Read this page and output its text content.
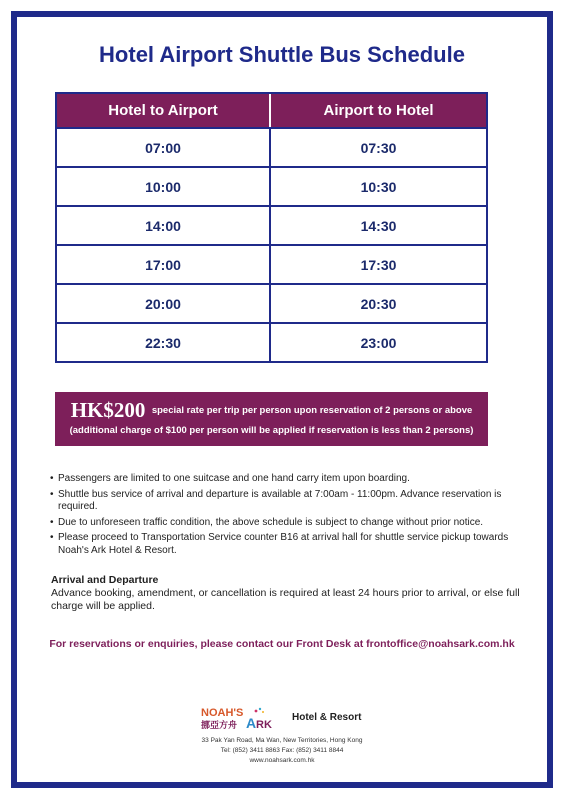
Hotel Airport Shuttle Bus Schedule
Hotel to Airport	Airport to Hotel
07:00	07:30
10:00	10:30
14:00	14:30
17:00	17:30
20:00	20:30
22:30	23:00
HK$200 special rate per trip per person upon reservation of 2 persons or above
(additional charge of $100 per person will be applied if reservation is less than 2 persons)
• Passengers are limited to one suitcase and one hand carry item upon boarding.
• Shuttle bus service of arrival and departure is available at 7:00am - 11:00pm. Advance reservation is required.
• Due to unforeseen traffic condition, the above schedule is subject to change without prior notice.
• Please proceed to Transportation Service counter B16 at arrival hall for shuttle service pickup towards Noah's Ark Hotel & Resort.
Arrival and Departure
Advance booking, amendment, or cancellation is required at least 24 hours prior to arrival, or else full charge will be applied.
For reservations or enquiries, please contact our Front Desk at frontoffice@noahsark.com.hk
NOAH'S
挪亞方舟 A RK
Hotel & Resort
33 Pak Yan Road, Ma Wan, New Territories, Hong Kong
Tel: (852) 3411 8863 Fax: (852) 3411 8844
www.noahsark.com.hk
